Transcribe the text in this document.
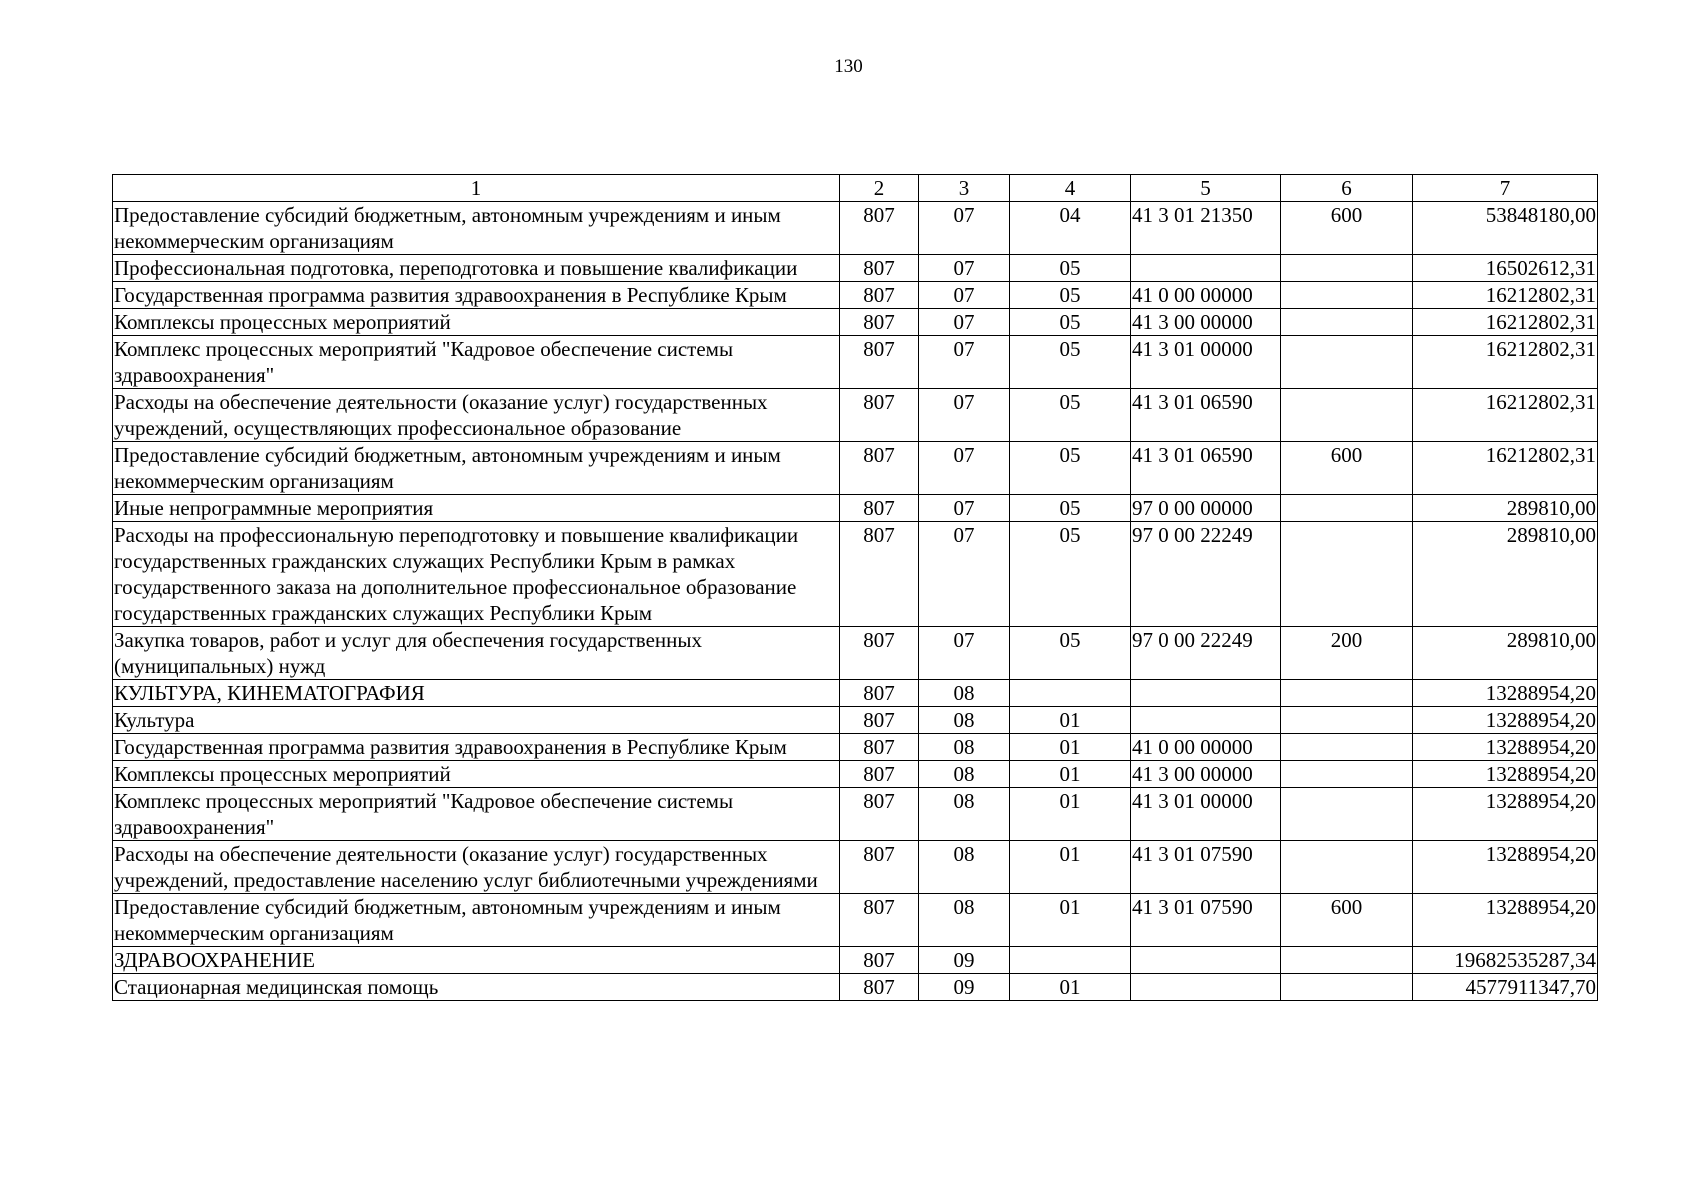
130
1	2	3	4	5	6	7
Предоставление субсидий бюджетным, автономным учреждениям и иным некоммерческим организациям	807	07	04	41 3 01 21350	600	53848180,00
Профессиональная подготовка, переподготовка и повышение квалификации	807	07	05			16502612,31
Государственная программа развития здравоохранения в Республике Крым	807	07	05	41 0 00 00000		16212802,31
Комплексы процессных мероприятий	807	07	05	41 3 00 00000		16212802,31
Комплекс процессных мероприятий "Кадровое обеспечение системы здравоохранения"	807	07	05	41 3 01 00000		16212802,31
Расходы на обеспечение деятельности (оказание услуг) государственных учреждений, осуществляющих профессиональное образование	807	07	05	41 3 01 06590		16212802,31
Предоставление субсидий бюджетным, автономным учреждениям и иным некоммерческим организациям	807	07	05	41 3 01 06590	600	16212802,31
Иные непрограммные мероприятия	807	07	05	97 0 00 00000		289810,00
Расходы на профессиональную переподготовку и повышение квалификации государственных гражданских служащих Республики Крым в рамках государственного заказа на дополнительное профессиональное образование государственных гражданских служащих Республики Крым	807	07	05	97 0 00 22249		289810,00
Закупка товаров, работ и услуг для обеспечения государственных (муниципальных) нужд	807	07	05	97 0 00 22249	200	289810,00
КУЛЬТУРА, КИНЕМАТОГРАФИЯ	807	08				13288954,20
Культура	807	08	01			13288954,20
Государственная программа развития здравоохранения в Республике Крым	807	08	01	41 0 00 00000		13288954,20
Комплексы процессных мероприятий	807	08	01	41 3 00 00000		13288954,20
Комплекс процессных мероприятий "Кадровое обеспечение системы здравоохранения"	807	08	01	41 3 01 00000		13288954,20
Расходы на обеспечение деятельности (оказание услуг) государственных учреждений, предоставление населению услуг библиотечными учреждениями	807	08	01	41 3 01 07590		13288954,20
Предоставление субсидий бюджетным, автономным учреждениям и иным некоммерческим организациям	807	08	01	41 3 01 07590	600	13288954,20
ЗДРАВООХРАНЕНИЕ	807	09				19682535287,34
Стационарная медицинская помощь	807	09	01			4577911347,70
